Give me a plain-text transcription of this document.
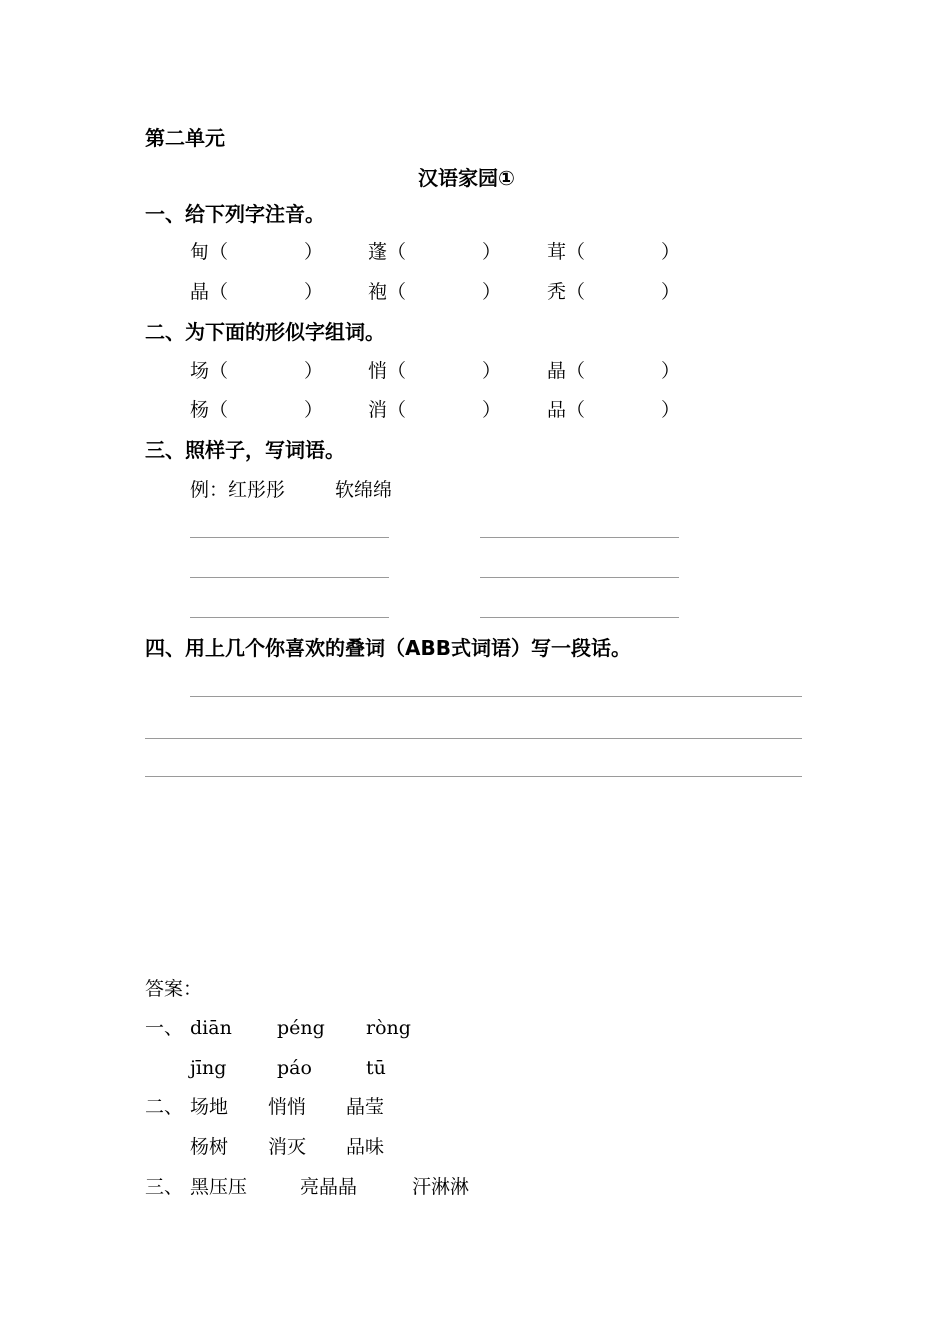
第二单元
汉语家园①
一、给下列字注音。
甸（　　　　） 蓬（　　　　） 茸（　　　　）
晶（　　　　） 袍（　　　　） 秃（　　　　）
二、为下面的形似字组词。
场（　　　　） 悄（　　　　） 晶（　　　　）
杨（　　　　） 消（　　　　） 品（　　　　）
三、照样子，写词语。
例：红彤彤	软绵绵
四、用上几个你喜欢的叠词（ABB式词语）写一段话。
答案：
一、 diān péng ròng
jīng	páo	tū
二、 场地 悄悄 晶莹
杨树 消灭 品味
三、 黑压压	亮晶晶	汗淋淋
